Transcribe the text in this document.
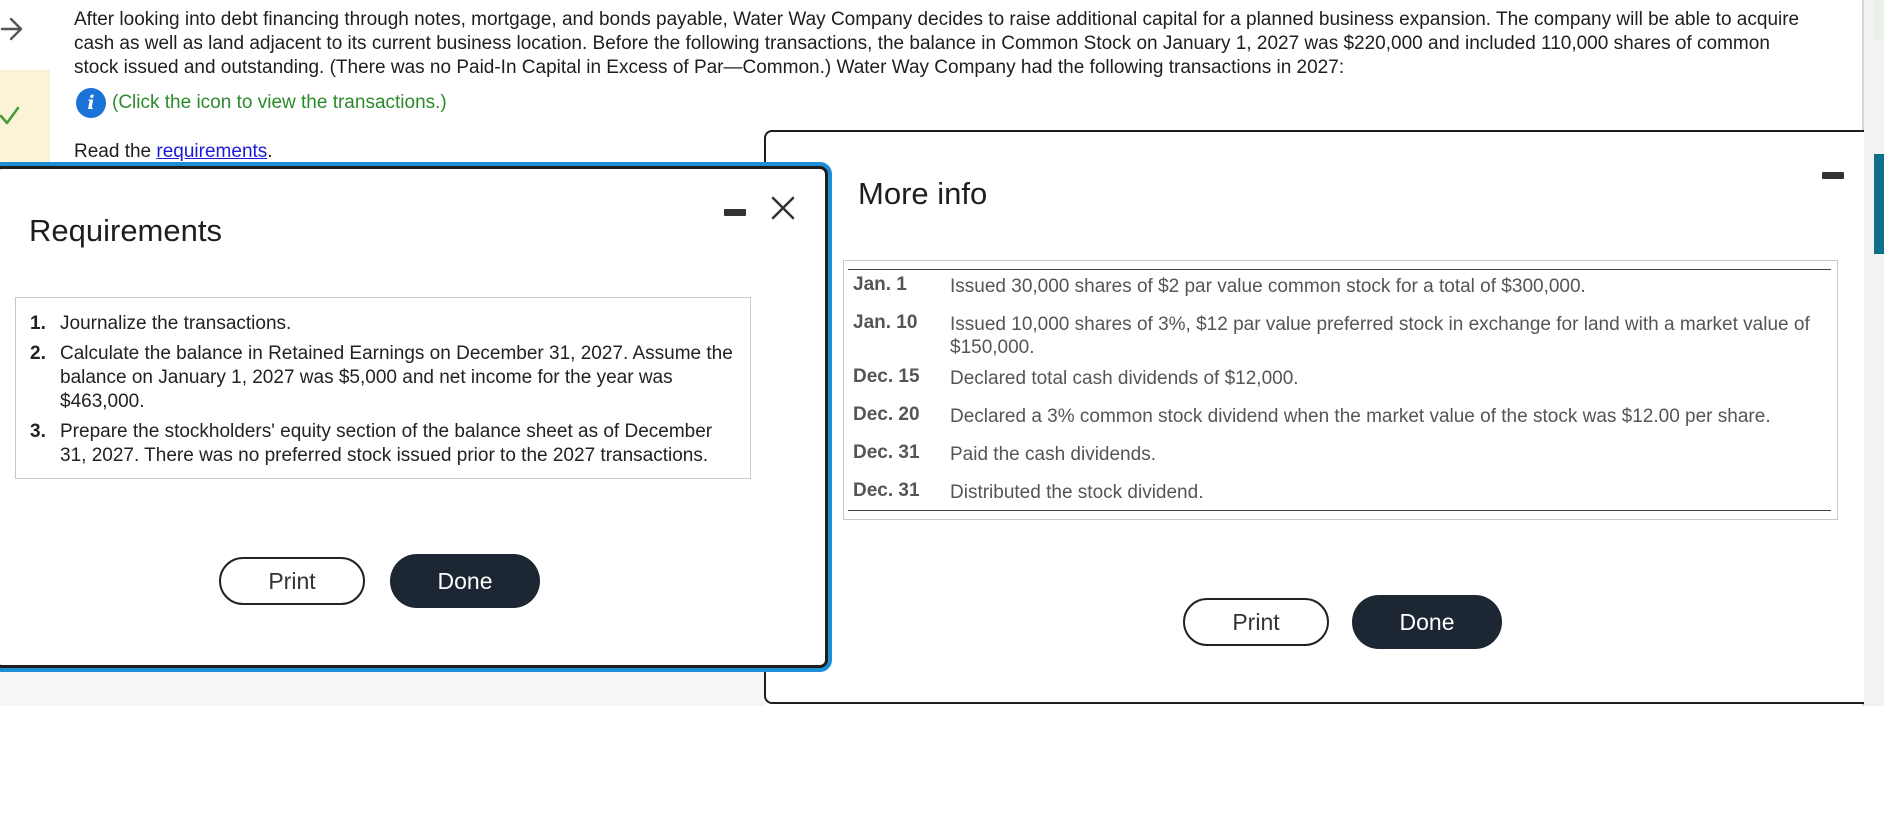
After looking into debt financing through notes, mortgage, and bonds payable, Water Way Company decides to raise additional capital for a planned business expansion. The company will be able to acquire cash as well as land adjacent to its current business location. Before the following transactions, the balance in Common Stock on January 1, 2027 was $220,000 and included 110,000 shares of common stock issued and outstanding. (There was no Paid-In Capital in Excess of Par—Common.) Water Way Company had the following transactions in 2027:
i (Click the icon to view the transactions.)
Read the requirements.
More info
Jan. 1 Issued 30,000 shares of $2 par value common stock for a total of $300,000.
Jan. 10 Issued 10,000 shares of 3%, $12 par value preferred stock in exchange for land with a market value of $150,000.
Dec. 15 Declared total cash dividends of $12,000.
Dec. 20 Declared a 3% common stock dividend when the market value of the stock was $12.00 per share.
Dec. 31 Paid the cash dividends.
Dec. 31 Distributed the stock dividend.
Print	Done
Requirements
1. Journalize the transactions.
2. Calculate the balance in Retained Earnings on December 31, 2027. Assume the balance on January 1, 2027 was $5,000 and net income for the year was $463,000.
3. Prepare the stockholders' equity section of the balance sheet as of December 31, 2027. There was no preferred stock issued prior to the 2027 transactions.
Print	Done
